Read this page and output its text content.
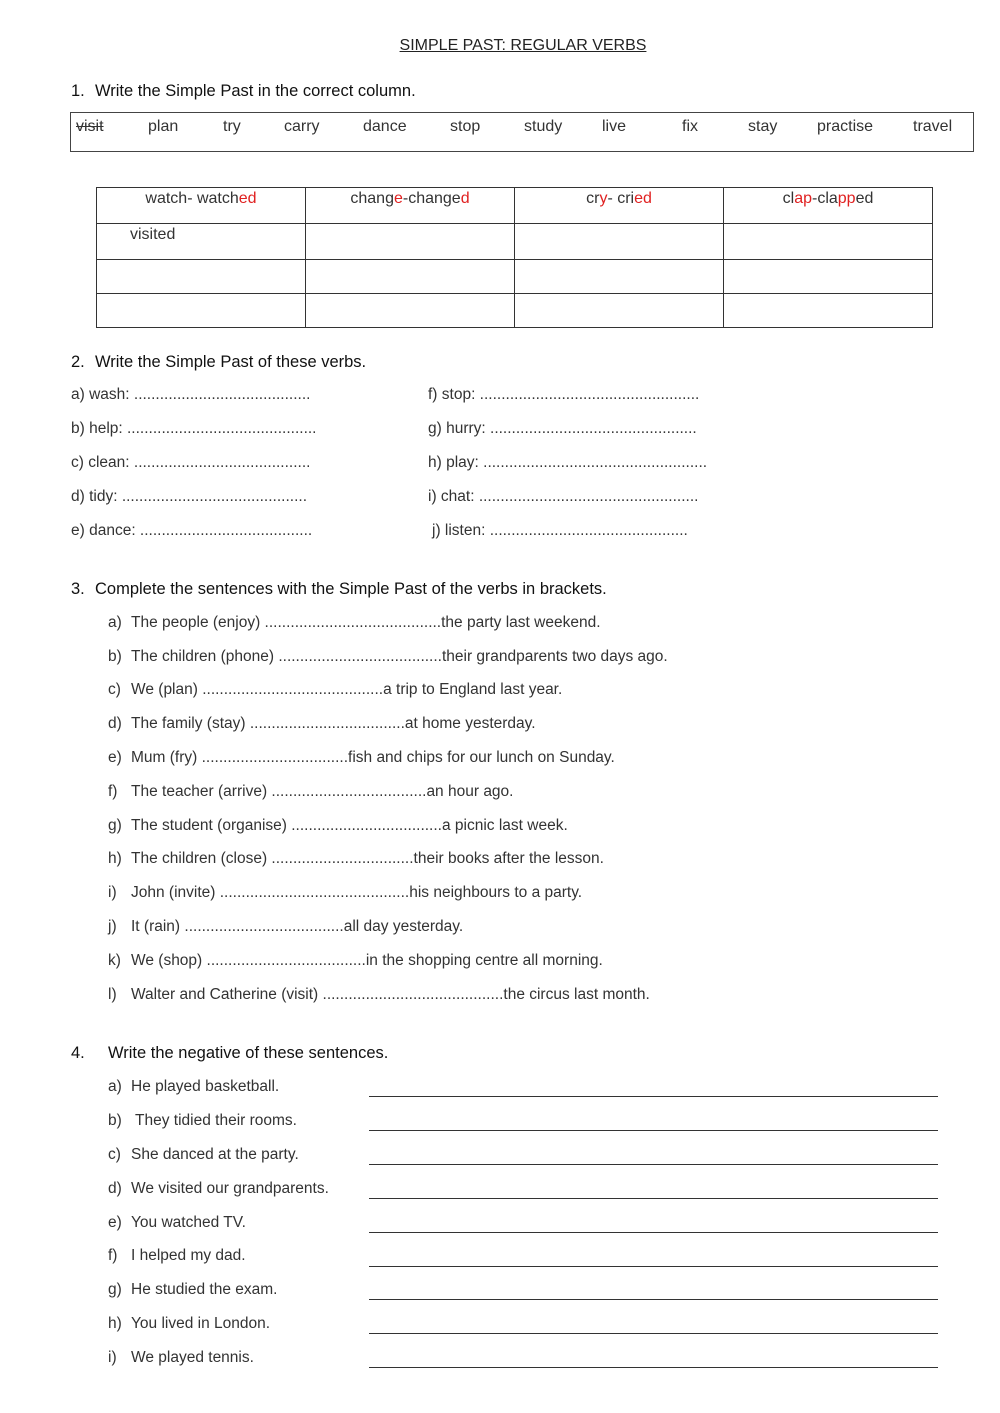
SIMPLE PAST: REGULAR VERBS
1. Write the Simple Past in the correct column.
visit	plan	try	carry	dance	stop	study live	fix	stay practise travel
watch- watched	change-changed	cry- cried	clap-clapped
visited			

2. Write the Simple Past of these verbs.
a) wash: .........................................
b) help: ............................................
c) clean: .........................................
d) tidy: ...........................................
e) dance: ........................................
f) stop: ...................................................
g) hurry: ................................................
h) play: ....................................................
i) chat: ...................................................
j) listen: ..............................................
3. Complete the sentences with the Simple Past of the verbs in brackets.
a) The people (enjoy) .........................................the party last weekend.
b) The children (phone) ......................................their grandparents two days ago.
c) We (plan) ..........................................a trip to England last year.
d) The family (stay) ....................................at home yesterday.
e) Mum (fry) ..................................fish and chips for our lunch on Sunday.
f) The teacher (arrive) ....................................an hour ago.
g) The student (organise) ...................................a picnic last week.
h) The children (close) .................................their books after the lesson.
i) John (invite) ............................................his neighbours to a party.
j) It (rain) .....................................all day yesterday.
k) We (shop) .....................................in the shopping centre all morning.
l) Walter and Catherine (visit) ..........................................the circus last month.
4. Write the negative of these sentences.
a) He played basketball.
b) They tidied their rooms.
c) She danced at the party.
d) We visited our grandparents.
e) You watched TV.
f) I helped my dad.
g) He studied the exam.
h) You lived in London.
i) We played tennis.
